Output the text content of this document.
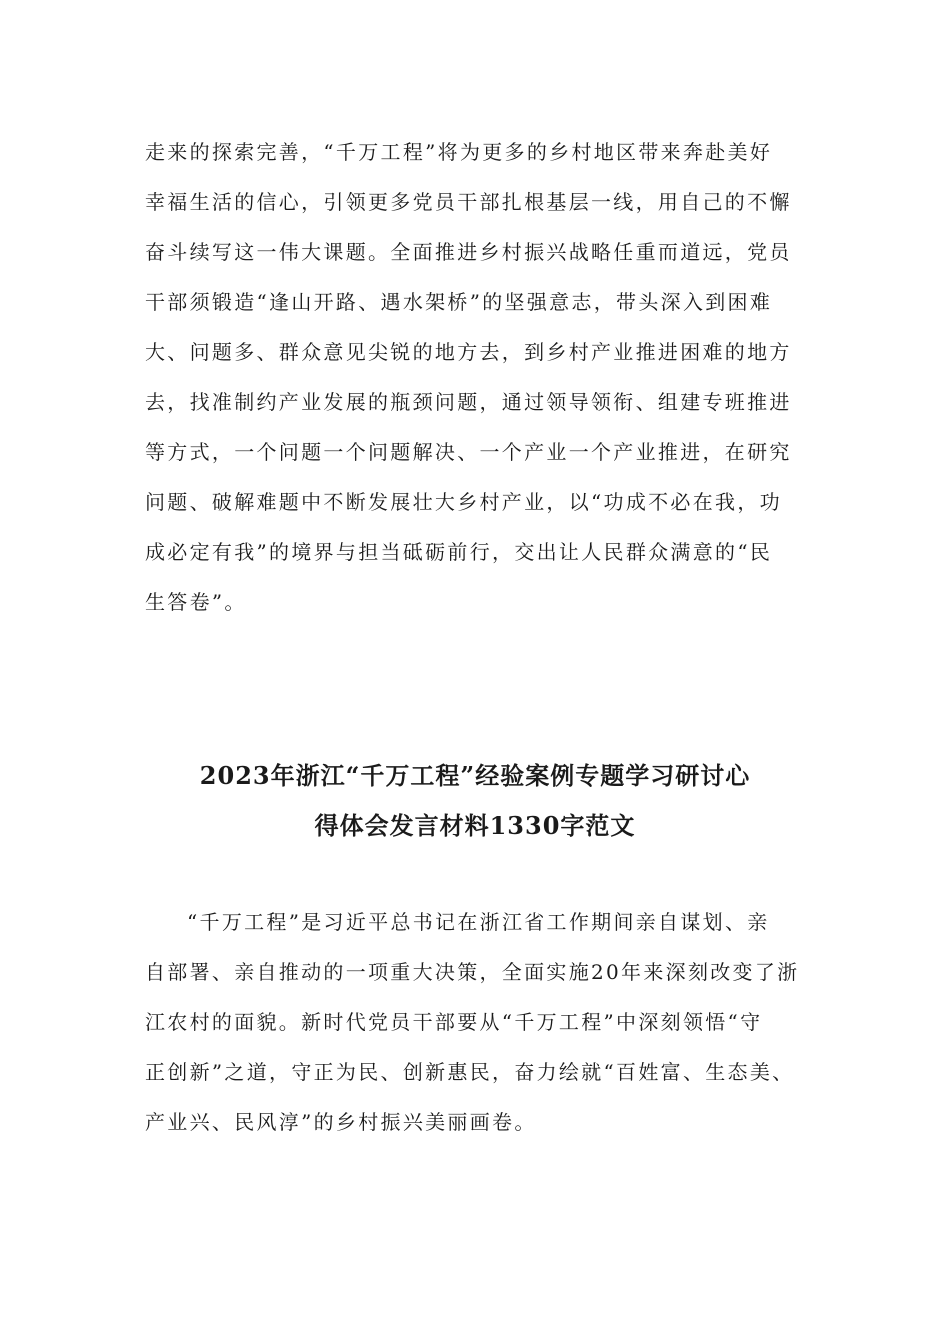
走来的探索完善，“千万工程”将为更多的乡村地区带来奔赴美好
幸福生活的信心，引领更多党员干部扎根基层一线，用自己的不懈
奋斗续写这一伟大课题。全面推进乡村振兴战略任重而道远，党员
干部须锻造“逢山开路、遇水架桥”的坚强意志，带头深入到困难
大、问题多、群众意见尖锐的地方去，到乡村产业推进困难的地方
去，找准制约产业发展的瓶颈问题，通过领导领衔、组建专班推进
等方式，一个问题一个问题解决、一个产业一个产业推进，在研究
问题、破解难题中不断发展壮大乡村产业，以“功成不必在我，功
成必定有我”的境界与担当砥砺前行，交出让人民群众满意的“民
生答卷”。
2023年浙江“千万工程”经验案例专题学习研讨心
得体会发言材料1330字范文
“千万工程”是习近平总书记在浙江省工作期间亲自谋划、亲
自部署、亲自推动的一项重大决策，全面实施20年来深刻改变了浙
江农村的面貌。新时代党员干部要从“千万工程”中深刻领悟“守
正创新”之道，守正为民、创新惠民，奋力绘就“百姓富、生态美、
产业兴、民风淳”的乡村振兴美丽画卷。
